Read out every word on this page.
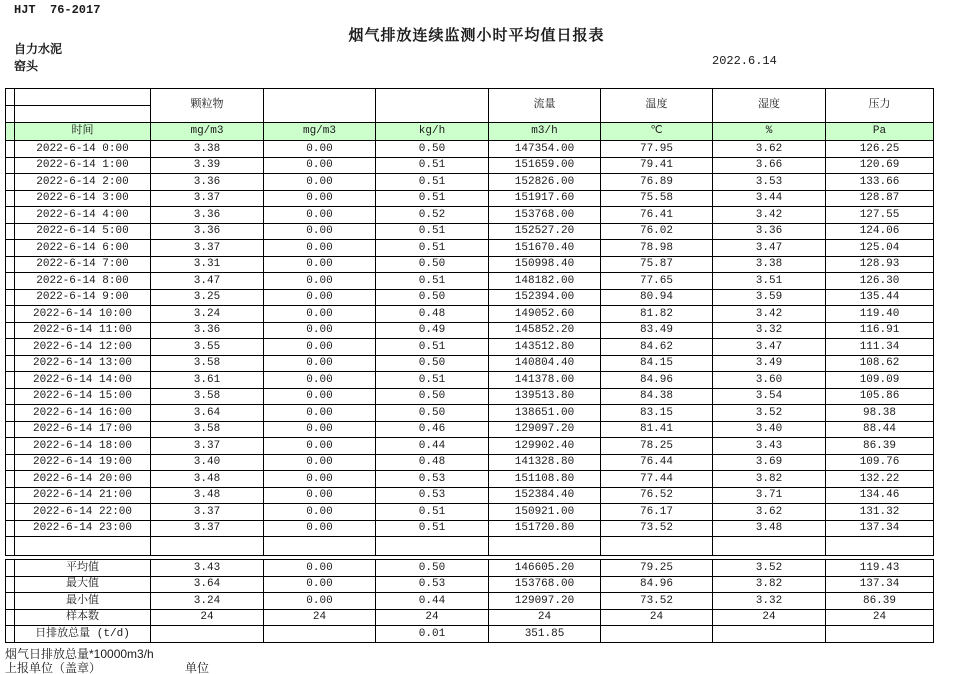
HJT  76-2017
烟气排放连续监测小时平均值日报表
自力水泥
窑头	2022.6.14
		颗粒物			流量	温度	湿度	压力

	时间	mg/m3	mg/m3	kg/h	m3/h	℃	%	Pa
	2022-6-14 0:00	3.38	0.00	0.50	147354.00	77.95	3.62	126.25
	2022-6-14 1:00	3.39	0.00	0.51	151659.00	79.41	3.66	120.69
	2022-6-14 2:00	3.36	0.00	0.51	152826.00	76.89	3.53	133.66
	2022-6-14 3:00	3.37	0.00	0.51	151917.60	75.58	3.44	128.87
	2022-6-14 4:00	3.36	0.00	0.52	153768.00	76.41	3.42	127.55
	2022-6-14 5:00	3.36	0.00	0.51	152527.20	76.02	3.36	124.06
	2022-6-14 6:00	3.37	0.00	0.51	151670.40	78.98	3.47	125.04
	2022-6-14 7:00	3.31	0.00	0.50	150998.40	75.87	3.38	128.93
	2022-6-14 8:00	3.47	0.00	0.51	148182.00	77.65	3.51	126.30
	2022-6-14 9:00	3.25	0.00	0.50	152394.00	80.94	3.59	135.44
	2022-6-14 10:00	3.24	0.00	0.48	149052.60	81.82	3.42	119.40
	2022-6-14 11:00	3.36	0.00	0.49	145852.20	83.49	3.32	116.91
	2022-6-14 12:00	3.55	0.00	0.51	143512.80	84.62	3.47	111.34
	2022-6-14 13:00	3.58	0.00	0.50	140804.40	84.15	3.49	108.62
	2022-6-14 14:00	3.61	0.00	0.51	141378.00	84.96	3.60	109.09
	2022-6-14 15:00	3.58	0.00	0.50	139513.80	84.38	3.54	105.86
	2022-6-14 16:00	3.64	0.00	0.50	138651.00	83.15	3.52	98.38
	2022-6-14 17:00	3.58	0.00	0.46	129097.20	81.41	3.40	88.44
	2022-6-14 18:00	3.37	0.00	0.44	129902.40	78.25	3.43	86.39
	2022-6-14 19:00	3.40	0.00	0.48	141328.80	76.44	3.69	109.76
	2022-6-14 20:00	3.48	0.00	0.53	151108.80	77.44	3.82	132.22
	2022-6-14 21:00	3.48	0.00	0.53	152384.40	76.52	3.71	134.46
	2022-6-14 22:00	3.37	0.00	0.51	150921.00	76.17	3.62	131.32
	2022-6-14 23:00	3.37	0.00	0.51	151720.80	73.52	3.48	137.34

	平均值	3.43	0.00	0.50	146605.20	79.25	3.52	119.43
	最大值	3.64	0.00	0.53	153768.00	84.96	3.82	137.34
	最小值	3.24	0.00	0.44	129097.20	73.52	3.32	86.39
	样本数	24	24	24	24	24	24	24
	日排放总量 (t/d)			0.01	351.85			
烟气日排放总量*10000m3/h
上报单位（盖章）	单位
